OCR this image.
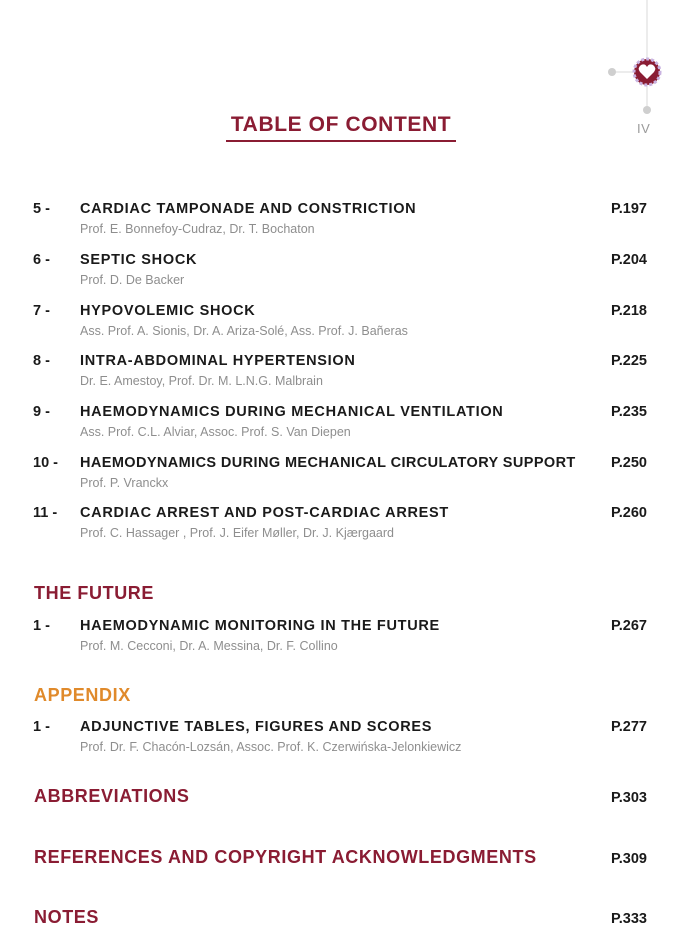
IV
TABLE OF CONTENT
5 - CARDIAC TAMPONADE AND CONSTRICTION	P.197
Prof. E. Bonnefoy-Cudraz, Dr. T. Bochaton
6 - SEPTIC SHOCK	P.204
Prof. D. De Backer
7 - HYPOVOLEMIC SHOCK	P.218
Ass. Prof. A. Sionis, Dr. A. Ariza-Solé, Ass. Prof. J. Bañeras
8 - INTRA-ABDOMINAL HYPERTENSION	P.225
Dr. E. Amestoy, Prof. Dr. M. L.N.G. Malbrain
9 - HAEMODYNAMICS DURING MECHANICAL VENTILATION	P.235
Ass. Prof. C.L. Alviar, Assoc. Prof. S. Van Diepen
10 - HAEMODYNAMICS DURING MECHANICAL CIRCULATORY SUPPORT P.250
Prof. P. Vranckx
11 - CARDIAC ARREST AND POST-CARDIAC ARREST	P.260
Prof. C. Hassager , Prof. J. Eifer Møller, Dr. J. Kjærgaard
THE FUTURE
1 - HAEMODYNAMIC MONITORING IN THE FUTURE	P.267
Prof. M. Cecconi, Dr. A. Messina, Dr. F. Collino
APPENDIX
1 - ADJUNCTIVE TABLES, FIGURES AND SCORES	P.277
Prof. Dr. F. Chacón-Lozsán, Assoc. Prof. K. Czerwińska-Jelonkiewicz
ABBREVIATIONS	P.303
REFERENCES AND COPYRIGHT ACKNOWLEDGMENTS	P.309
NOTES	P.333
